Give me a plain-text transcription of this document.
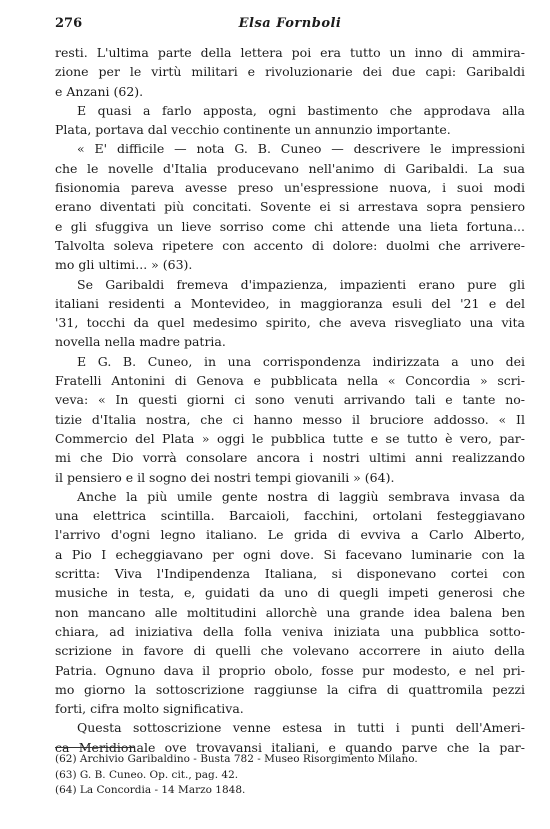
276	Elsa Fornboli
resti. L'ultima parte della lettera poi era tutto un inno di ammira-
zione per le virtù militari e rivoluzionarie dei due capi: Garibaldi
e Anzani (62).
E quasi a farlo apposta, ogni bastimento che approdava alla
Plata, portava dal vecchio continente un annunzio importante.
« E' difficile — nota G. B. Cuneo — descrivere le impressioni
che le novelle d'Italia producevano nell'animo di Garibaldi. La sua
fisionomia pareva avesse preso un'espressione nuova, i suoi modi
erano diventati più concitati. Sovente ei si arrestava sopra pensiero
e gli sfuggiva un lieve sorriso come chi attende una lieta fortuna...
Talvolta soleva ripetere con accento di dolore: duolmi che arrivere-
mo gli ultimi... » (63).
Se Garibaldi fremeva d'impazienza, impazienti erano pure gli
italiani residenti a Montevideo, in maggioranza esuli del '21 e del
'31, tocchi da quel medesimo spirito, che aveva risvegliato una vita
novella nella madre patria.
E G. B. Cuneo, in una corrispondenza indirizzata a uno dei
Fratelli Antonini di Genova e pubblicata nella « Concordia » scri-
veva: « In questi giorni ci sono venuti arrivando tali e tante no-
tizie d'Italia nostra, che ci hanno messo il bruciore addosso. « Il
Commercio del Plata » oggi le pubblica tutte e se tutto è vero, par-
mi che Dio vorrà consolare ancora i nostri ultimi anni realizzando
il pensiero e il sogno dei nostri tempi giovanili » (64).
Anche la più umile gente nostra di laggiù sembrava invasa da
una elettrica scintilla. Barcaioli, facchini, ortolani festeggiavano
l'arrivo d'ogni legno italiano. Le grida di evviva a Carlo Alberto,
a Pio I echeggiavano per ogni dove. Si facevano luminarie con la
scritta: Viva l'Indipendenza Italiana, si disponevano cortei con
musiche in testa, e, guidati da uno di quegli impeti generosi che
non mancano alle moltitudini allorchè una grande idea balena ben
chiara, ad iniziativa della folla veniva iniziata una pubblica sotto-
scrizione in favore di quelli che volevano accorrere in aiuto della
Patria. Ognuno dava il proprio obolo, fosse pur modesto, e nel pri-
mo giorno la sottoscrizione raggiunse la cifra di quattromila pezzi
forti, cifra molto significativa.
Questa sottoscrizione venne estesa in tutti i punti dell'Ameri-
ca Meridionale ove trovavansi italiani, e quando parve che la par-
(62) Archivio Garibaldino - Busta 782 - Museo Risorgimento Milano.
(63) G. B. Cuneo. Op. cit., pag. 42.
(64) La Concordia - 14 Marzo 1848.
